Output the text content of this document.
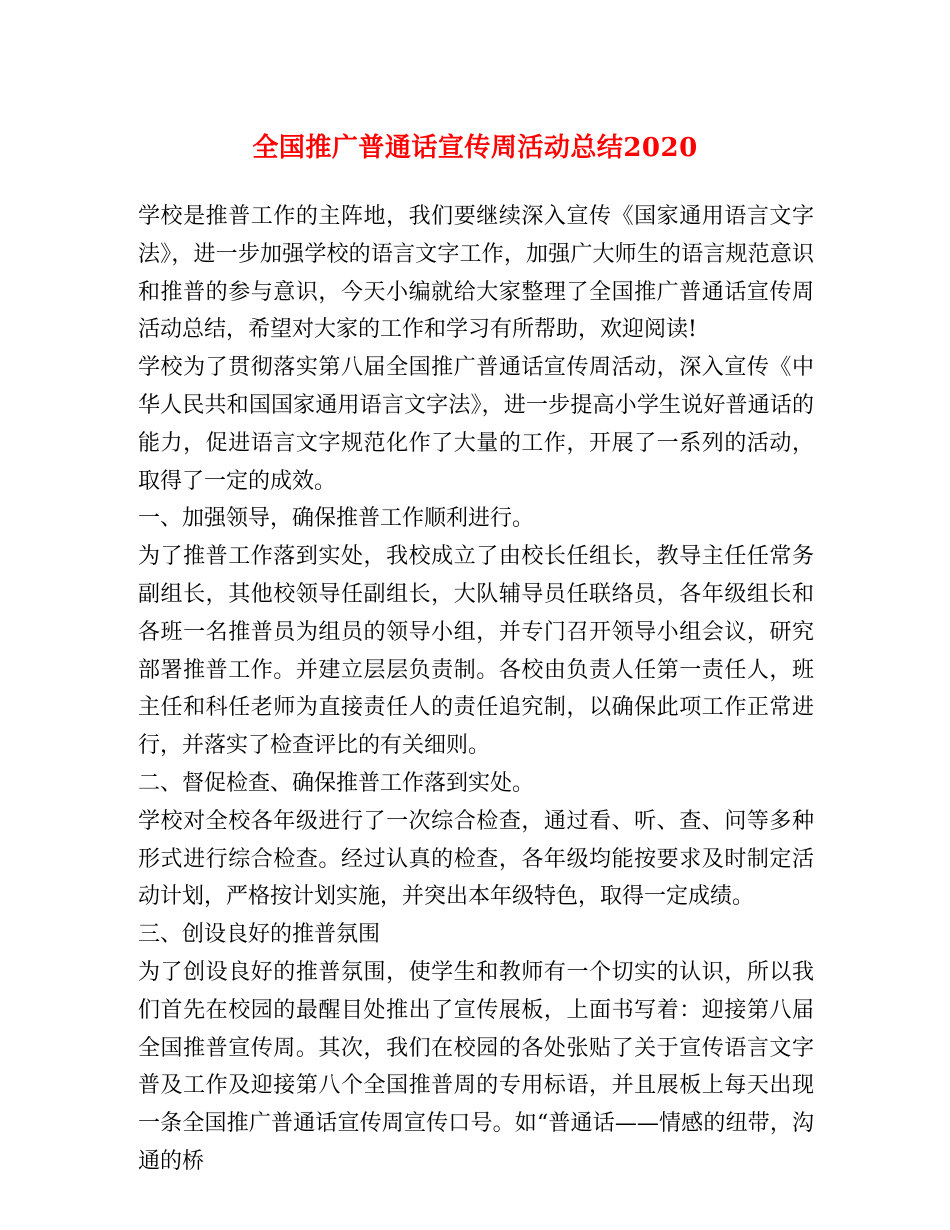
全国推广普通话宣传周活动总结2020

学校是推普工作的主阵地，我们要继续深入宣传《国家通用语言文字法》，进一步加强学校的语言文字工作，加强广大师生的语言规范意识和推普的参与意识，今天小编就给大家整理了全国推广普通话宣传周活动总结，希望对大家的工作和学习有所帮助，欢迎阅读!

学校为了贯彻落实第八届全国推广普通话宣传周活动，深入宣传《中华人民共和国国家通用语言文字法》，进一步提高小学生说好普通话的能力，促进语言文字规范化作了大量的工作，开展了一系列的活动，取得了一定的成效。

一、加强领导，确保推普工作顺利进行。

为了推普工作落到实处，我校成立了由校长任组长，教导主任任常务副组长，其他校领导任副组长，大队辅导员任联络员，各年级组长和各班一名推普员为组员的领导小组，并专门召开领导小组会议，研究部署推普工作。并建立层层负责制。各校由负责人任第一责任人，班主任和科任老师为直接责任人的责任追究制，以确保此项工作正常进行，并落实了检查评比的有关细则。

二、督促检查、确保推普工作落到实处。

学校对全校各年级进行了一次综合检查，通过看、听、查、问等多种形式进行综合检查。经过认真的检查，各年级均能按要求及时制定活动计划，严格按计划实施，并突出本年级特色，取得一定成绩。

三、创设良好的推普氛围

为了创设良好的推普氛围，使学生和教师有一个切实的认识，所以我们首先在校园的最醒目处推出了宣传展板，上面书写着：迎接第八届全国推普宣传周。其次，我们在校园的各处张贴了关于宣传语言文字普及工作及迎接第八个全国推普周的专用标语，并且展板上每天出现一条全国推广普通话宣传周宣传口号。如“普通话——情感的纽带，沟通的桥
